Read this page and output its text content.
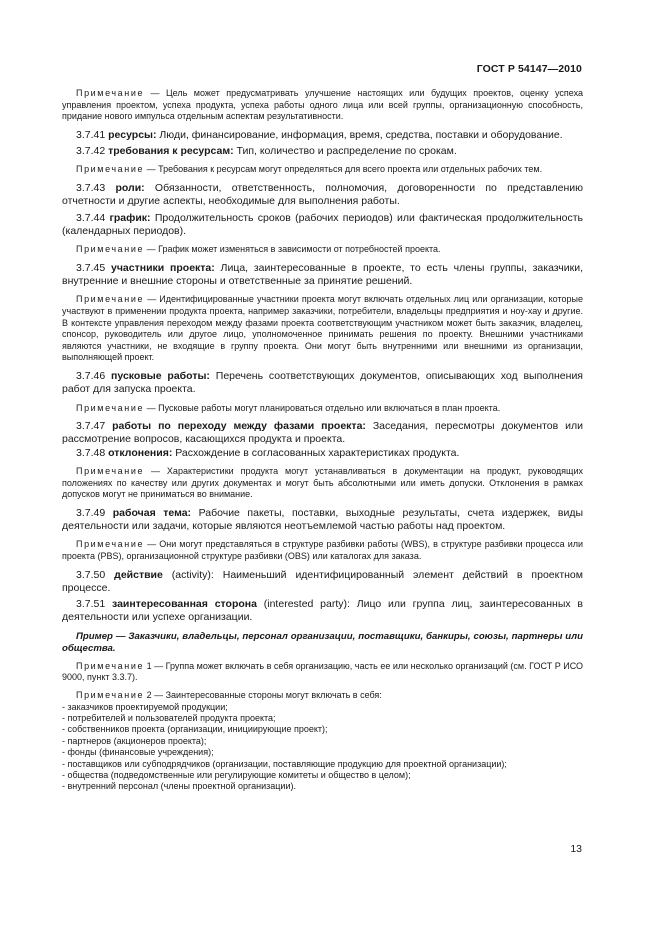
ГОСТ Р 54147—2010

Примечание — Цель может предусматривать улучшение настоящих или будущих проектов, оценку успеха управления проектом, успеха продукта, успеха работы одного лица или всей группы, организационную способность, придание нового импульса отдельным аспектам результативности.

3.7.41 ресурсы: Люди, финансирование, информация, время, средства, поставки и оборудование.

3.7.42 требования к ресурсам: Тип, количество и распределение по срокам.

Примечание — Требования к ресурсам могут определяться для всего проекта или отдельных рабочих тем.

3.7.43 роли: Обязанности, ответственность, полномочия, договоренности по представлению отчетности и другие аспекты, необходимые для выполнения работы.

3.7.44 график: Продолжительность сроков (рабочих периодов) или фактическая продолжительность (календарных периодов).

Примечание — График может изменяться в зависимости от потребностей проекта.

3.7.45 участники проекта: Лица, заинтересованные в проекте, то есть члены группы, заказчики, внутренние и внешние стороны и ответственные за принятие решений.

Примечание — Идентифицированные участники проекта могут включать отдельных лиц или организации, которые участвуют в применении продукта проекта, например заказчики, потребители, владельцы предприятия и ноу-хау и другие. В контексте управления переходом между фазами проекта соответствующим участником может быть заказчик, владелец, спонсор, руководитель или другое лицо, уполномоченное принимать решения по проекту. Внешними участниками являются участники, не входящие в группу проекта. Они могут быть внутренними или внешними из организации, выполняющей проект.

3.7.46 пусковые работы: Перечень соответствующих документов, описывающих ход выполнения работ для запуска проекта.

Примечание — Пусковые работы могут планироваться отдельно или включаться в план проекта.

3.7.47 работы по переходу между фазами проекта: Заседания, пересмотры документов или рассмотрение вопросов, касающихся продукта и проекта.

3.7.48 отклонения: Расхождение в согласованных характеристиках продукта.

Примечание — Характеристики продукта могут устанавливаться в документации на продукт, руководящих положениях по качеству или других документах и могут быть абсолютными или иметь допуски. Отклонения в рамках допусков могут не приниматься во внимание.

3.7.49 рабочая тема: Рабочие пакеты, поставки, выходные результаты, счета издержек, виды деятельности или задачи, которые являются неотъемлемой частью работы над проектом.

Примечание — Они могут представляться в структуре разбивки работы (WBS), в структуре разбивки процесса или проекта (PBS), организационной структуре разбивки (OBS) или каталогах для заказа.

3.7.50 действие (activity): Наименьший идентифицированный элемент действий в проектном процессе.

3.7.51 заинтересованная сторона (interested party): Лицо или группа лиц, заинтересованных в деятельности или успехе организации.

Пример — Заказчики, владельцы, персонал организации, поставщики, банкиры, союзы, партнеры или общества.

Примечание 1 — Группа может включать в себя организацию, часть ее или несколько организаций (см. ГОСТ Р ИСО 9000, пункт 3.3.7).

Примечание 2 — Заинтересованные стороны могут включать в себя:

- заказчиков проектируемой продукции;
- потребителей и пользователей продукта проекта;
- собственников проекта (организации, инициирующие проект);
- партнеров (акционеров проекта);
- фонды (финансовые учреждения);
- поставщиков или субподрядчиков (организации, поставляющие продукцию для проектной организации);
- общества (подведомственные или регулирующие комитеты и общество в целом);
- внутренний персонал (члены проектной организации).
13
